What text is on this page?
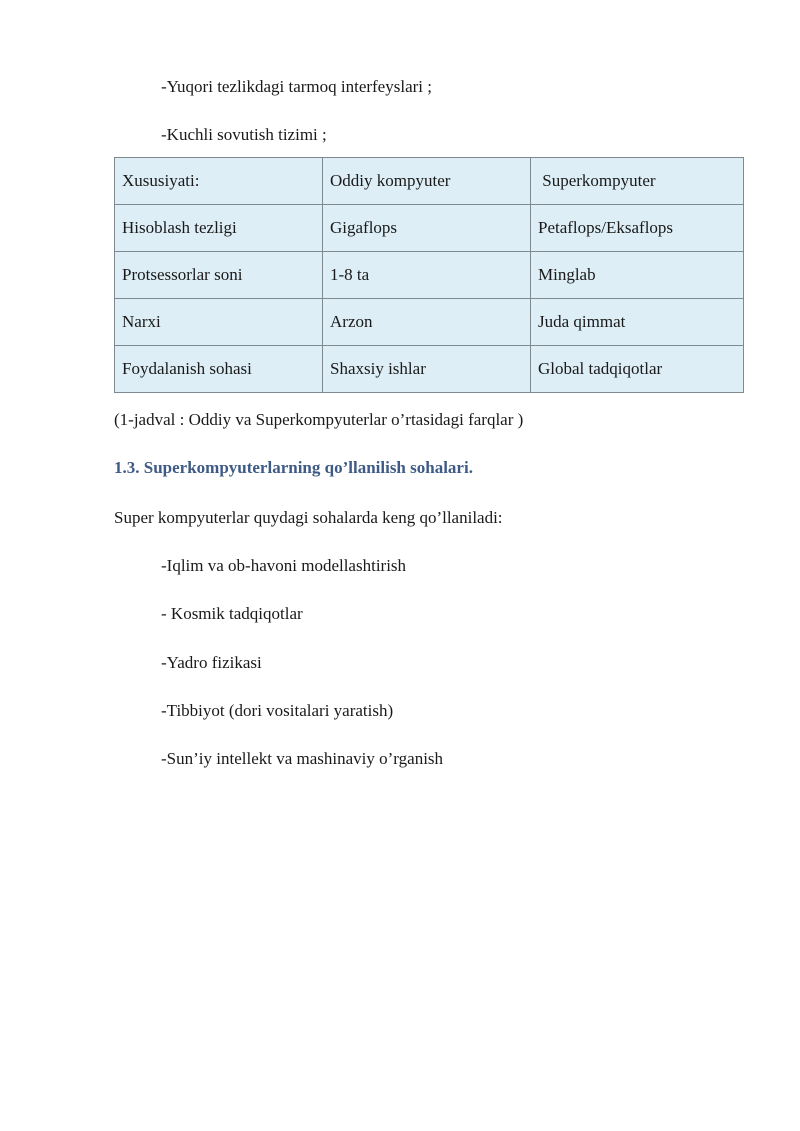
-Yuqori tezlikdagi tarmoq interfeyslari ;
-Kuchli sovutish tizimi ;
Xususiyati:	Oddiy kompyuter	Superkompyuter
Hisoblash tezligi	Gigaflops	Petaflops/Eksaflops
Protsessorlar soni	1-8 ta	Minglab
Narxi	Arzon	Juda qimmat
Foydalanish sohasi	Shaxsiy ishlar	Global tadqiqotlar
(1-jadval : Oddiy va Superkompyuterlar o’rtasidagi farqlar )
1.3. Superkompyuterlarning qo’llanilish sohalari.
Super kompyuterlar quydagi sohalarda keng qo’llaniladi:
-Iqlim va ob-havoni modellashtirish
- Kosmik tadqiqotlar
-Yadro fizikasi
-Tibbiyot (dori vositalari yaratish)
-Sun’iy intellekt va mashinaviy o’rganish
